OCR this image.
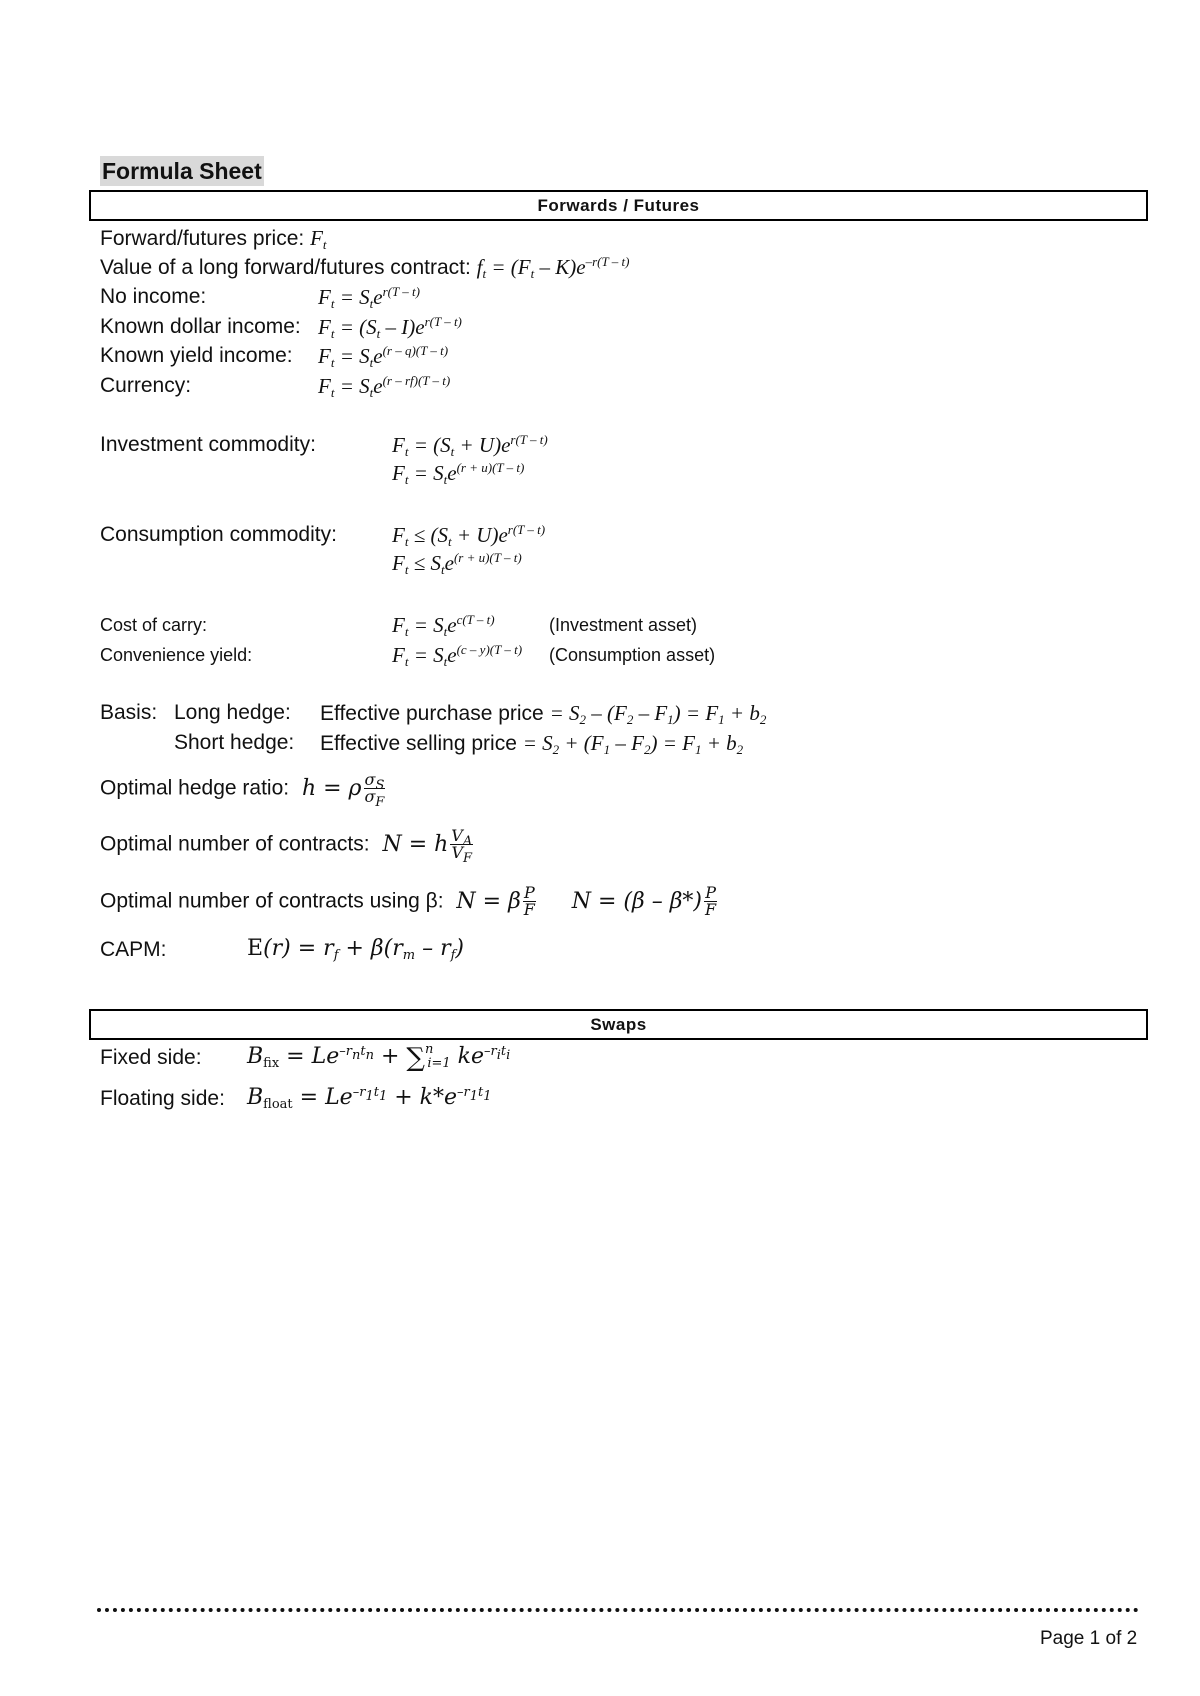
Formula Sheet
Forwards / Futures
Forward/futures price: $F_t$
Value of a long forward/futures contract: $f_t = (F_t - K)e^{-r(T - t)}$
No income:	$F_t = S_te^{r(T - t)}$
Known dollar income: $F_t = (S_t - I)e^{r(T - t)}$
Known yield income: $F_t = S_te^{(r - q)(T - t)}$
Currency:	$F_t = S_te^{(r - rf)(T - t)}$
Investment commodity:	$F_t = (S_t + U)e^{r(T - t)}$
$F_t = S_te^{(r + u)(T - t)}$
Consumption commodity:	$F_t \le (S_t + U)e^{r(T - t)}$
$F_t \le S_te^{(r + u)(T - t)}$
Cost of carry:	$F_t = S_te^{c(T - t)}$	(Investment asset)
Convenience yield:	$F_t = S_te^{(c - y)(T - t)}$ (Consumption asset)
Basis: Long hedge: Effective purchase price = $S_2 - (F_2 - F_1) = F_1 + b_2$
Short hedge: Effective selling price = $S_2 + (F_1 - F_2) = F_1 + b_2$
Optimal hedge ratio:  h = ρ $\frac{\sigma_S}{\sigma_F}$
Optimal number of contracts:  N = h $\frac{V_A}{V_F}$
Optimal number of contracts using β:  N = β $\frac{P}{F}$ $N = (\beta - \beta*) \frac{P}{F}$
CAPM:	$E(r) = r_f + \beta(r_m - r_f)$
Swaps
Fixed side: $B_{fix} = Le^{-r_nt_n} + \sum^n_{i=1}$ $ke^{-r_it_i}$
Floating side: $B_{float} = Le^{-r_1t_1} + k*e^{-r_1t_1}$
Page 1 of 2
